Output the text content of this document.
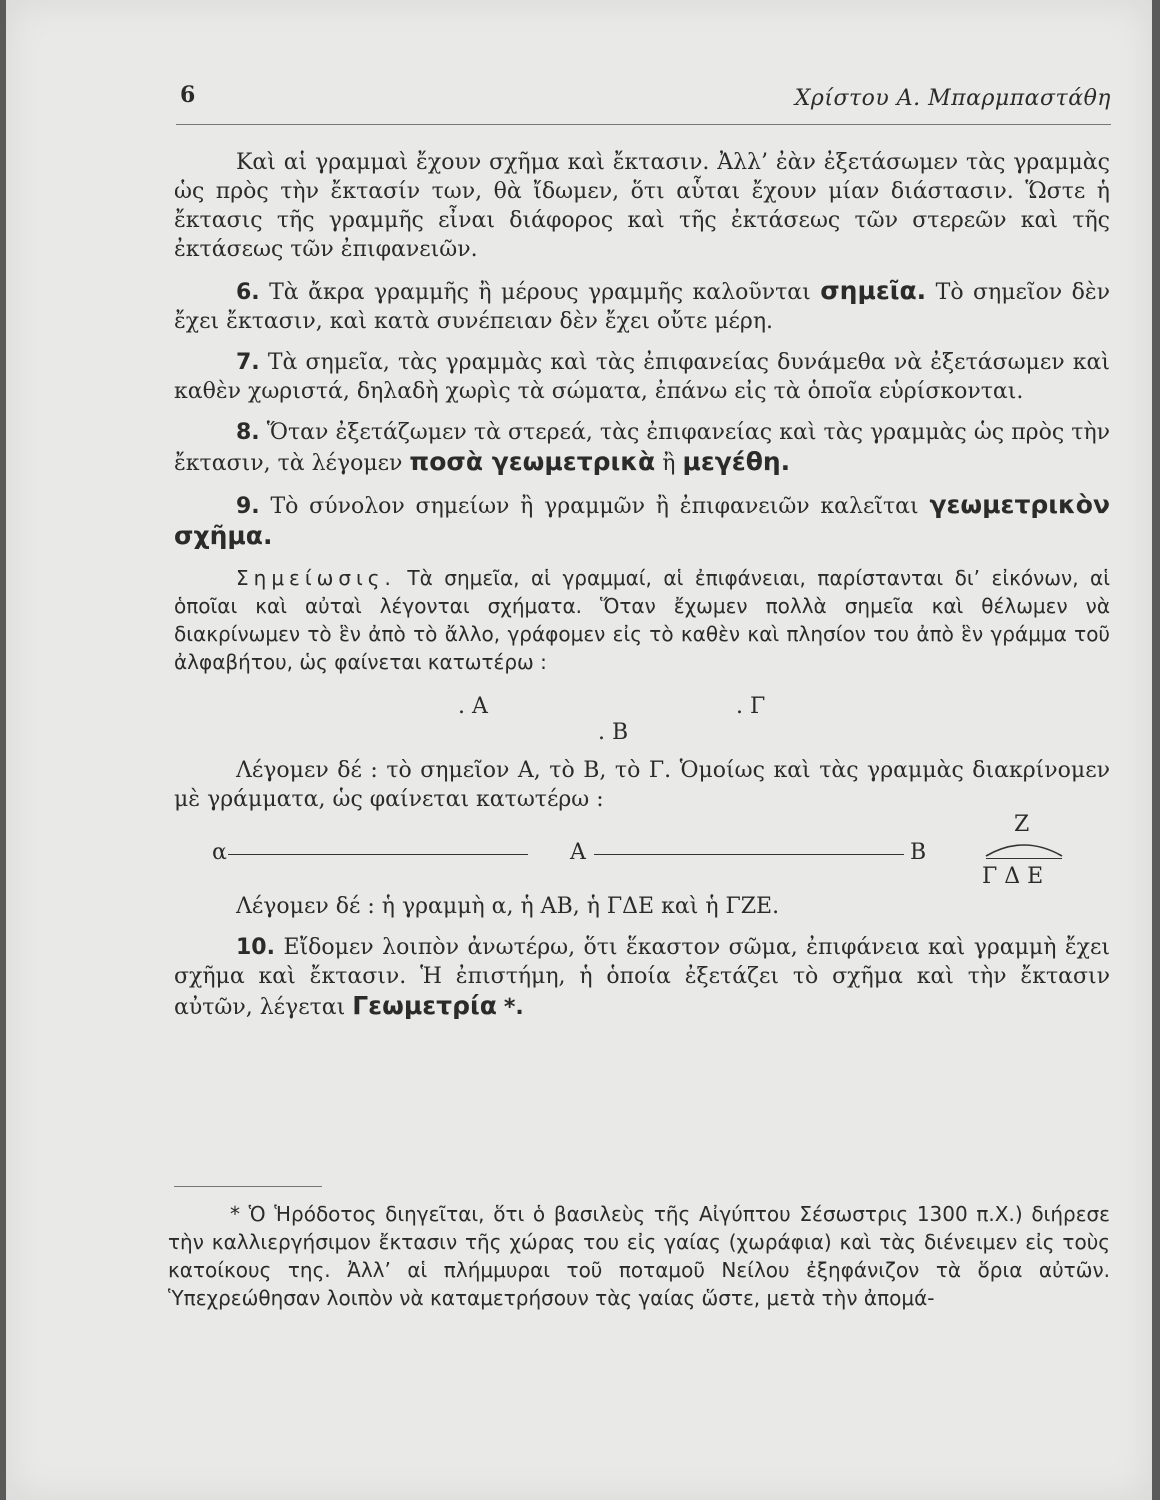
6	Χρίστου Α. Μπαρμπαστάθη

Καὶ αἱ γραμμαὶ ἔχουν σχῆμα καὶ ἔκτασιν. Ἀλλ’ ἐὰν ἐξετάσωμεν τὰς γραμμὰς ὡς πρὸς τὴν ἔκτασίν των, θὰ ἴδωμεν, ὅτι αὗται ἔχουν μίαν διάστασιν. Ὥστε ἡ ἔκτασις τῆς γραμμῆς εἶναι διάφορος καὶ τῆς ἐκτάσεως τῶν στερεῶν καὶ τῆς ἐκτάσεως τῶν ἐπιφανειῶν.

6. Τὰ ἄκρα γραμμῆς ἢ μέρους γραμμῆς καλοῦνται σημεῖα. Τὸ σημεῖον δὲν ἔχει ἔκτασιν, καὶ κατὰ συνέπειαν δὲν ἔχει οὔτε μέρη.

7. Τὰ σημεῖα, τὰς γραμμὰς καὶ τὰς ἐπιφανείας δυνάμεθα νὰ ἐξετάσωμεν καὶ καθὲν χωριστά, δηλαδὴ χωρὶς τὰ σώματα, ἐπάνω εἰς τὰ ὁποῖα εὑρίσκονται.

8. Ὅταν ἐξετάζωμεν τὰ στερεά, τὰς ἐπιφανείας καὶ τὰς γραμμὰς ὡς πρὸς τὴν ἔκτασιν, τὰ λέγομεν ποσὰ γεωμετρικὰ ἢ μεγέθη.

9. Τὸ σύνολον σημείων ἢ γραμμῶν ἢ ἐπιφανειῶν καλεῖται γεωμετρικὸν σχῆμα.

Σημείωσις. Τὰ σημεῖα, αἱ γραμμαί, αἱ ἐπιφάνειαι, παρίστανται δι’ εἰκόνων, αἱ ὁποῖαι καὶ αὐταὶ λέγονται σχήματα. Ὅταν ἔχωμεν πολλὰ σημεῖα καὶ θέλωμεν νὰ διακρίνωμεν τὸ ἓν ἀπὸ τὸ ἄλλο, γράφομεν εἰς τὸ καθὲν καὶ πλησίον του ἀπὸ ἓν γράμμα τοῦ ἀλφαβήτου, ὡς φαίνεται κατωτέρω :

. Α	. Γ
. Β

Λέγομεν δέ : τὸ σημεῖον Α, τὸ Β, τὸ Γ. Ὁμοίως καὶ τὰς γραμμὰς διακρίνομεν μὲ γράμματα, ὡς φαίνεται κατωτέρω :

α	Α	Β
Ζ
Γ Δ Ε

Λέγομεν δέ : ἡ γραμμὴ α, ἡ ΑΒ, ἡ ΓΔΕ καὶ ἡ ΓΖΕ.

10. Εἴδομεν λοιπὸν ἀνωτέρω, ὅτι ἕκαστον σῶμα, ἐπιφάνεια καὶ γραμμὴ ἔχει σχῆμα καὶ ἔκτασιν. Ἡ ἐπιστήμη, ἡ ὁποία ἐξετάζει τὸ σχῆμα καὶ τὴν ἔκτασιν αὐτῶν, λέγεται Γεωμετρία *.

* Ὁ Ἡρόδοτος διηγεῖται, ὅτι ὁ βασιλεὺς τῆς Αἰγύπτου Σέσωστρις 1300 π.Χ.) διήρεσε τὴν καλλιεργήσιμον ἔκτασιν τῆς χώρας του εἰς γαίας (χωράφια) καὶ τὰς διένειμεν εἰς τοὺς κατοίκους της. Ἀλλ’ αἱ πλήμμυραι τοῦ ποταμοῦ Νείλου ἐξηφάνιζον τὰ ὅρια αὐτῶν. Ὑπεχρεώθησαν λοιπὸν νὰ καταμετρήσουν τὰς γαίας ὥστε, μετὰ τὴν ἀπομά-
